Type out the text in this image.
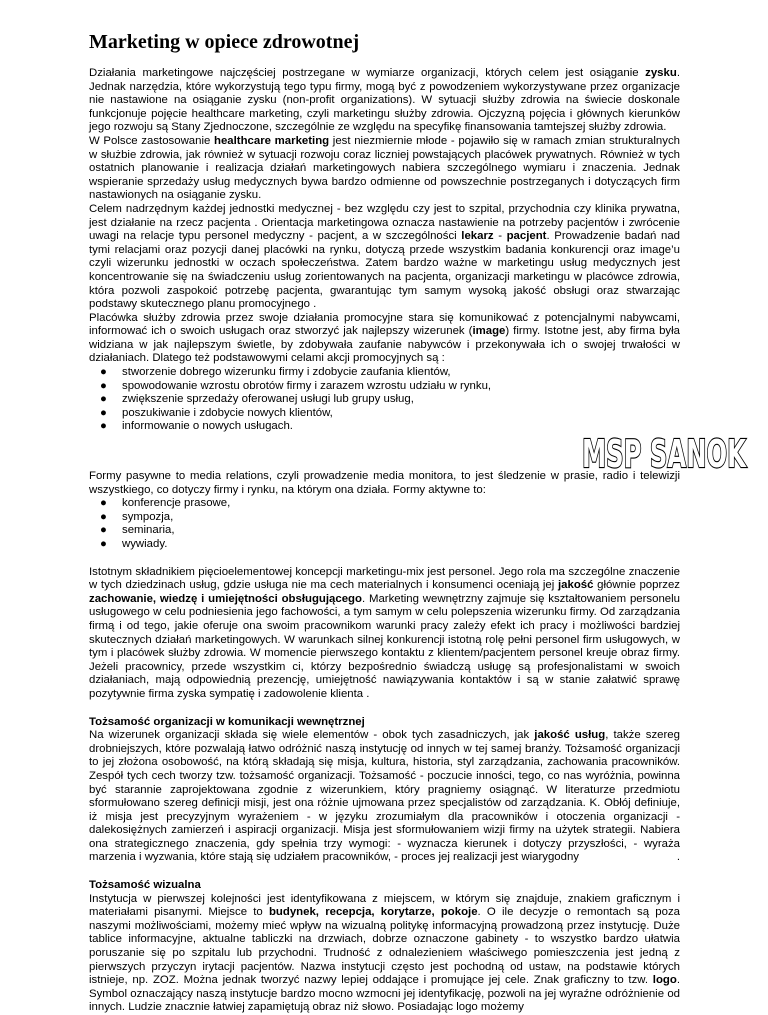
Marketing w opiece zdrowotnej

Działania marketingowe najczęściej postrzegane w wymiarze organizacji, których celem jest osiąganie zysku. Jednak narzędzia, które wykorzystują tego typu firmy, mogą być z powodzeniem wykorzystywane przez organizacje nie nastawione na osiąganie zysku (non-profit organizations). W sytuacji służby zdrowia na świecie doskonale funkcjonuje pojęcie healthcare marketing, czyli marketingu służby zdrowia. Ojczyzną pojęcia i głównych kierunków jego rozwoju są Stany Zjednoczone, szczególnie ze względu na specyfikę finansowania tamtejszej służby zdrowia.

W Polsce zastosowanie healthcare marketing jest niezmiernie młode - pojawiło się w ramach zmian strukturalnych w służbie zdrowia, jak również w sytuacji rozwoju coraz liczniej powstających placówek prywatnych. Również w tych ostatnich planowanie i realizacja działań marketingowych nabiera szczególnego wymiaru i znaczenia. Jednak wspieranie sprzedaży usług medycznych bywa bardzo odmienne od powszechnie postrzeganych i dotyczących firm nastawionych na osiąganie zysku.

Celem nadrzędnym każdej jednostki medycznej - bez względu czy jest to szpital, przychodnia czy klinika prywatna, jest działanie na rzecz pacjenta . Orientacja marketingowa oznacza nastawienie na potrzeby pacjentów i zwrócenie uwagi na relacje typu personel medyczny - pacjent, a w szczególności lekarz - pacjent. Prowadzenie badań nad tymi relacjami oraz pozycji danej placówki na rynku, dotyczą przede wszystkim badania konkurencji oraz image’u czyli wizerunku jednostki w oczach społeczeństwa. Zatem bardzo ważne w marketingu usług medycznych jest koncentrowanie się na świadczeniu usług zorientowanych na pacjenta, organizacji marketingu w placówce zdrowia, która pozwoli zaspokoić potrzebę pacjenta, gwarantując tym samym wysoką jakość obsługi oraz stwarzając podstawy skutecznego planu promocyjnego .

Placówka służby zdrowia przez swoje działania promocyjne stara się komunikować z potencjalnymi nabywcami, informować ich o swoich usługach oraz stworzyć jak najlepszy wizerunek (image) firmy. Istotne jest, aby firma była widziana w jak najlepszym świetle, by zdobywała zaufanie nabywców i przekonywała ich o swojej trwałości w działaniach. Dlatego też podstawowymi celami akcji promocyjnych są :

● stworzenie dobrego wizerunku firmy i zdobycie zaufania klientów,
● spowodowanie wzrostu obrotów firmy i zarazem wzrostu udziału w rynku,
● zwiększenie sprzedaży oferowanej usługi lub grupy usług,
● poszukiwanie i zdobycie nowych klientów,
● informowanie o nowych usługach.

Formy pasywne to media relations, czyli prowadzenie media monitora, to jest śledzenie w prasie, radio i telewizji wszystkiego, co dotyczy firmy i rynku, na którym ona działa. Formy aktywne to:

● konferencje prasowe,
● sympozja,
● seminaria,
● wywiady.

Istotnym składnikiem pięcioelementowej koncepcji marketingu-mix jest personel. Jego rola ma szczególne znaczenie w tych dziedzinach usług, gdzie usługa nie ma cech materialnych i konsumenci oceniają jej jakość głównie poprzez zachowanie, wiedzę i umiejętności obsługującego. Marketing wewnętrzny zajmuje się kształtowaniem personelu usługowego w celu podniesienia jego fachowości, a tym samym w celu polepszenia wizerunku firmy. Od zarządzania firmą i od tego, jakie oferuje ona swoim pracownikom warunki pracy zależy efekt ich pracy i możliwości bardziej skutecznych działań marketingowych. W warunkach silnej konkurencji istotną rolę pełni personel firm usługowych, w tym i placówek służby zdrowia. W momencie pierwszego kontaktu z klientem/pacjentem personel kreuje obraz firmy. Jeżeli pracownicy, przede wszystkim ci, którzy bezpośrednio świadczą usługę są profesjonalistami w swoich działaniach, mają odpowiednią prezencję, umiejętność nawiązywania kontaktów i są w stanie załatwić sprawę pozytywnie firma zyska sympatię i zadowolenie klienta .

Tożsamość organizacji w komunikacji wewnętrznej

Na wizerunek organizacji składa się wiele elementów - obok tych zasadniczych, jak jakość usług, także szereg drobniejszych, które pozwalają łatwo odróżnić naszą instytucję od innych w tej samej branży. Tożsamość organizacji to jej złożona osobowość, na którą składają się misja, kultura, historia, styl zarządzania, zachowania pracowników. Zespół tych cech tworzy tzw. tożsamość organizacji. Tożsamość - poczucie inności, tego, co nas wyróżnia, powinna być starannie zaprojektowana zgodnie z wizerunkiem, który pragniemy osiągnąć. W literaturze przedmiotu sformułowano szereg definicji misji, jest ona różnie ujmowana przez specjalistów od zarządzania. K. Obłój definiuje, iż misja jest precyzyjnym wyrażeniem - w języku zrozumiałym dla pracowników i otoczenia organizacji - dalekosiężnych zamierzeń i aspiracji organizacji. Misja jest sformułowaniem wizji firmy na użytek strategii. Nabiera ona strategicznego znaczenia, gdy spełnia trzy wymogi: - wyznacza kierunek i dotyczy przyszłości, - wyraża marzenia i wyzwania, które stają się udziałem pracowników, - proces jej realizacji jest wiarygodny	.

Tożsamość wizualna

Instytucja w pierwszej kolejności jest identyfikowana z miejscem, w którym się znajduje, znakiem graficznym i materiałami pisanymi. Miejsce to budynek, recepcja, korytarze, pokoje. O ile decyzje o remontach są poza naszymi możliwościami, możemy mieć wpływ na wizualną politykę informacyjną prowadzoną przez instytucję. Duże tablice informacyjne, aktualne tabliczki na drzwiach, dobrze oznaczone gabinety - to wszystko bardzo ułatwia poruszanie się po szpitalu lub przychodni. Trudność z odnalezieniem właściwego pomieszczenia jest jedną z pierwszych przyczyn irytacji pacjentów. Nazwa instytucji często jest pochodną od ustaw, na podstawie których istnieje, np. ZOZ. Można jednak tworzyć nazwy lepiej oddające i promujące jej cele. Znak graficzny to tzw. logo. Symbol oznaczający naszą instytucje bardzo mocno wzmocni jej identyfikację, pozwoli na jej wyraźne odróżnienie od innych. Ludzie znacznie łatwiej zapamiętują obraz niż słowo. Posiadając logo możemy

MSP SANOK
